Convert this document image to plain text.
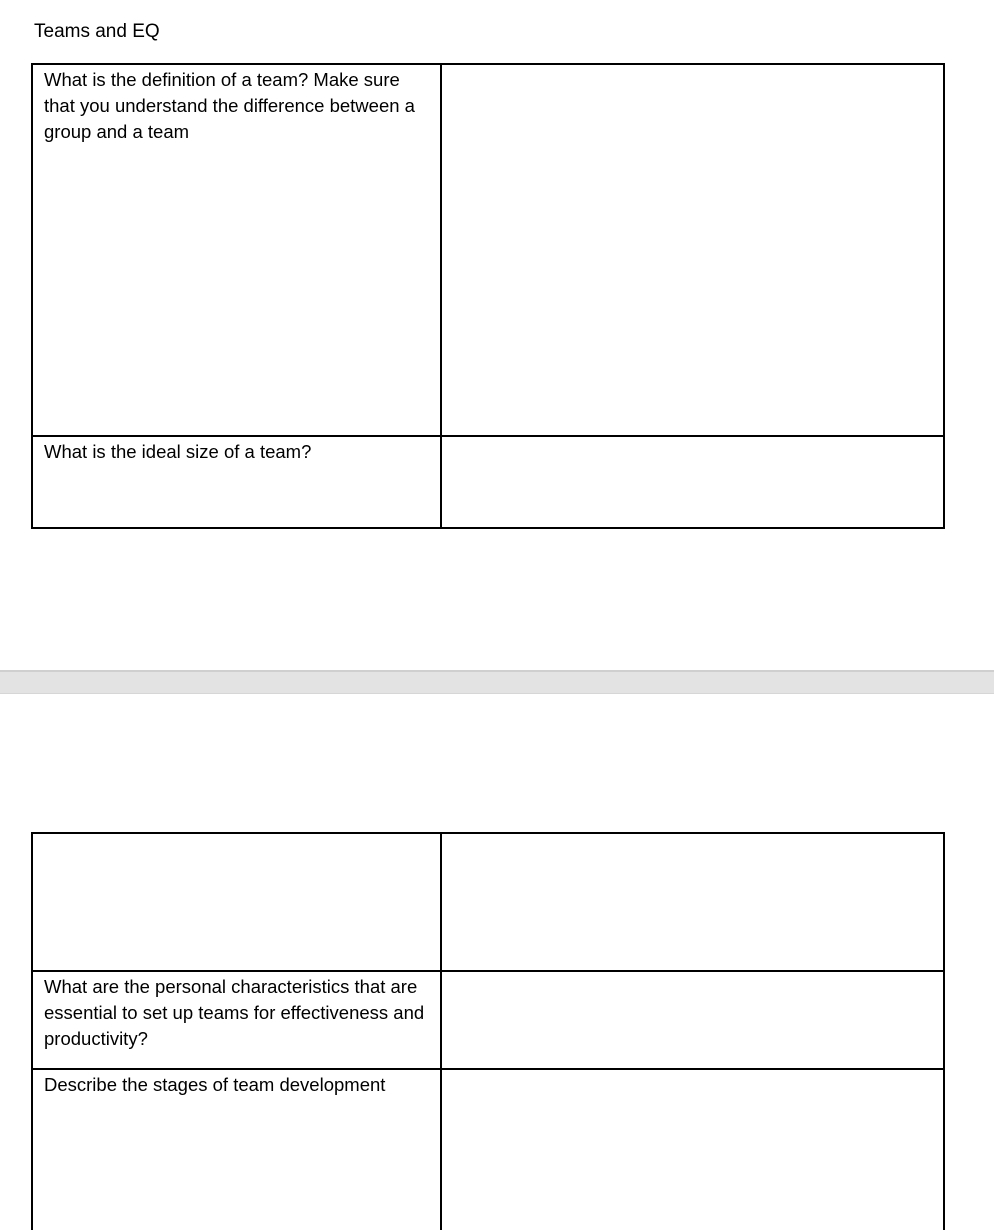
Teams and EQ
What is the definition of a team? Make sure that you understand the difference between a group and a team	
What is the ideal size of a team?	

What are the personal characteristics that are essential to set up teams for effectiveness and productivity?	
Describe the stages of team development	
